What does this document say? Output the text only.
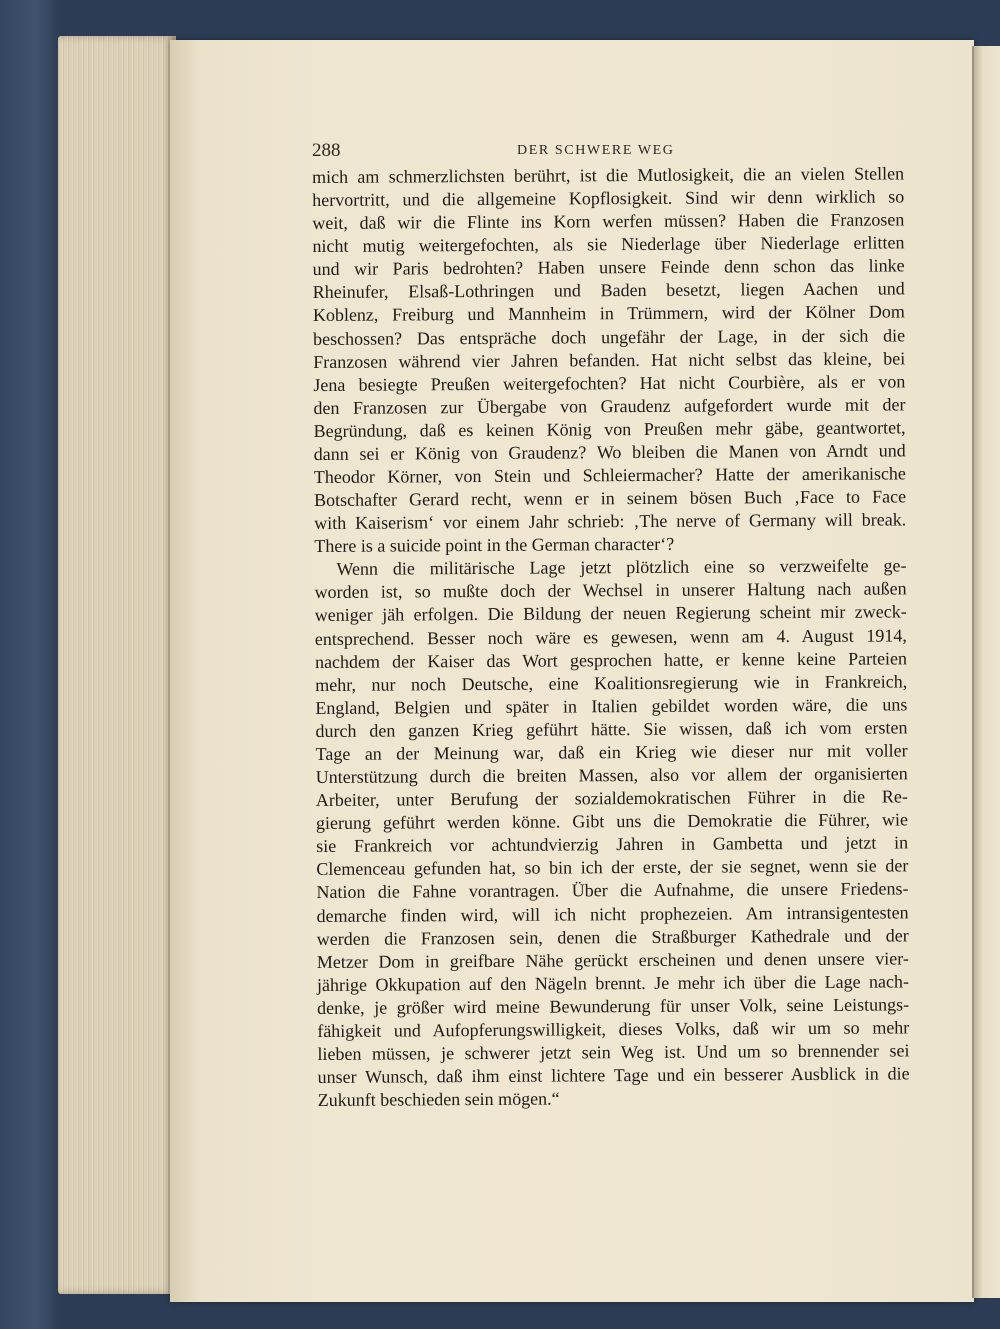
288	DER SCHWERE WEG
mich am schmerzlichsten berührt, ist die Mutlosigkeit, die an vielen Stellen
hervortritt, und die allgemeine Kopflosigkeit. Sind wir denn wirklich so
weit, daß wir die Flinte ins Korn werfen müssen? Haben die Franzosen
nicht mutig weitergefochten, als sie Niederlage über Niederlage erlitten
und wir Paris bedrohten? Haben unsere Feinde denn schon das linke
Rheinufer, Elsaß-Lothringen und Baden besetzt, liegen Aachen und
Koblenz, Freiburg und Mannheim in Trümmern, wird der Kölner Dom
beschossen? Das entspräche doch ungefähr der Lage, in der sich die
Franzosen während vier Jahren befanden. Hat nicht selbst das kleine, bei
Jena besiegte Preußen weitergefochten? Hat nicht Courbière, als er von
den Franzosen zur Übergabe von Graudenz aufgefordert wurde mit der
Begründung, daß es keinen König von Preußen mehr gäbe, geantwortet,
dann sei er König von Graudenz? Wo bleiben die Manen von Arndt und
Theodor Körner, von Stein und Schleiermacher? Hatte der amerikanische
Botschafter Gerard recht, wenn er in seinem bösen Buch ‚Face to Face
with Kaiserism‘ vor einem Jahr schrieb: ‚The nerve of Germany will break.
There is a suicide point in the German character‘?
Wenn die militärische Lage jetzt plötzlich eine so verzweifelte ge-
worden ist, so mußte doch der Wechsel in unserer Haltung nach außen
weniger jäh erfolgen. Die Bildung der neuen Regierung scheint mir zweck-
entsprechend. Besser noch wäre es gewesen, wenn am 4. August 1914,
nachdem der Kaiser das Wort gesprochen hatte, er kenne keine Parteien
mehr, nur noch Deutsche, eine Koalitionsregierung wie in Frankreich,
England, Belgien und später in Italien gebildet worden wäre, die uns
durch den ganzen Krieg geführt hätte. Sie wissen, daß ich vom ersten
Tage an der Meinung war, daß ein Krieg wie dieser nur mit voller
Unterstützung durch die breiten Massen, also vor allem der organisierten
Arbeiter, unter Berufung der sozialdemokratischen Führer in die Re-
gierung geführt werden könne. Gibt uns die Demokratie die Führer, wie
sie Frankreich vor achtundvierzig Jahren in Gambetta und jetzt in
Clemenceau gefunden hat, so bin ich der erste, der sie segnet, wenn sie der
Nation die Fahne vorantragen. Über die Aufnahme, die unsere Friedens-
demarche finden wird, will ich nicht prophezeien. Am intransigentesten
werden die Franzosen sein, denen die Straßburger Kathedrale und der
Metzer Dom in greifbare Nähe gerückt erscheinen und denen unsere vier-
jährige Okkupation auf den Nägeln brennt. Je mehr ich über die Lage nach-
denke, je größer wird meine Bewunderung für unser Volk, seine Leistungs-
fähigkeit und Aufopferungswilligkeit, dieses Volks, daß wir um so mehr
lieben müssen, je schwerer jetzt sein Weg ist. Und um so brennender sei
unser Wunsch, daß ihm einst lichtere Tage und ein besserer Ausblick in die
Zukunft beschieden sein mögen.“
